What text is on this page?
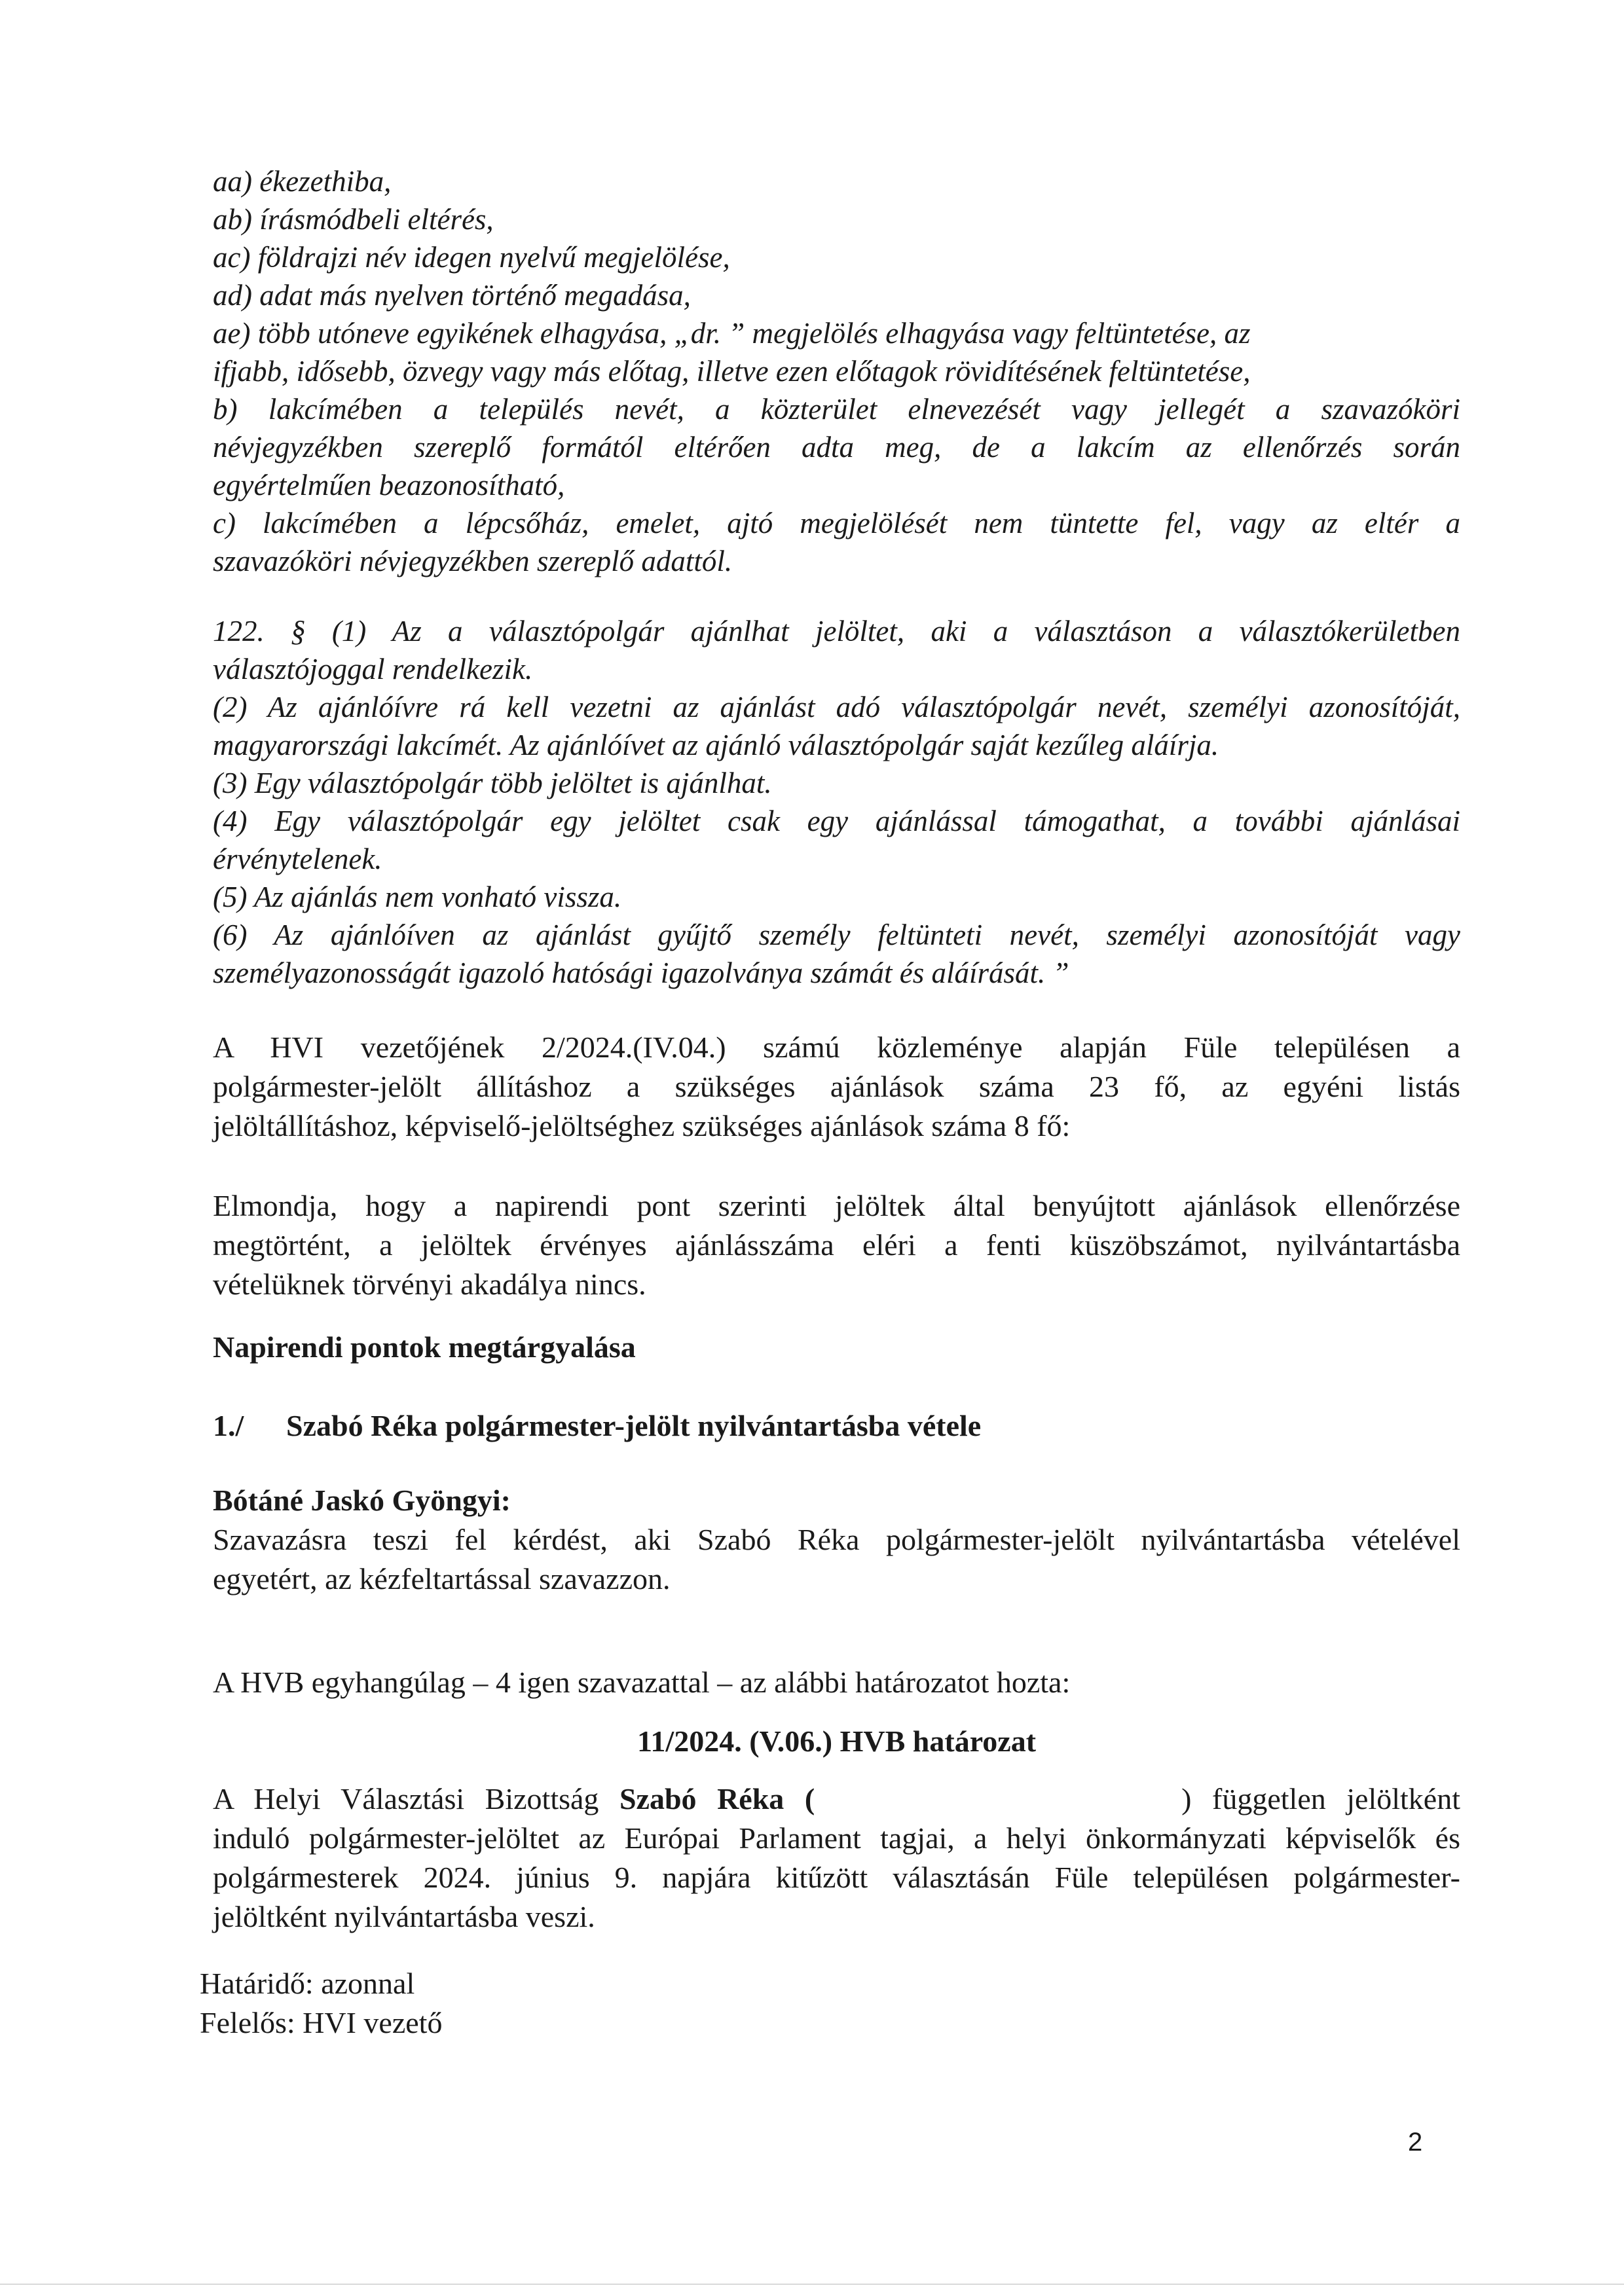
aa) ékezethiba,
ab) írásmódbeli eltérés,
ac) földrajzi név idegen nyelvű megjelölése,
ad) adat más nyelven történő megadása,
ae) több utóneve egyikének elhagyása, „dr. ” megjelölés elhagyása vagy feltüntetése, az
ifjabb, idősebb, özvegy vagy más előtag, illetve ezen előtagok rövidítésének feltüntetése,
b) lakcímében a település nevét, a közterület elnevezését vagy jellegét a szavazóköri
névjegyzékben szereplő formától eltérően adta meg, de a lakcím az ellenőrzés során
egyértelműen beazonosítható,
c) lakcímében a lépcsőház, emelet, ajtó megjelölését nem tüntette fel, vagy az eltér a
szavazóköri névjegyzékben szereplő adattól.
122. § (1) Az a választópolgár ajánlhat jelöltet, aki a választáson a választókerületben
választójoggal rendelkezik.
(2) Az ajánlóívre rá kell vezetni az ajánlást adó választópolgár nevét, személyi azonosítóját,
magyarországi lakcímét. Az ajánlóívet az ajánló választópolgár saját kezűleg aláírja.
(3) Egy választópolgár több jelöltet is ajánlhat.
(4) Egy választópolgár egy jelöltet csak egy ajánlással támogathat, a további ajánlásai
érvénytelenek.
(5) Az ajánlás nem vonható vissza.
(6) Az ajánlóíven az ajánlást gyűjtő személy feltünteti nevét, személyi azonosítóját vagy
személyazonosságát igazoló hatósági igazolványa számát és aláírását. ”
A HVI vezetőjének 2/2024.(IV.04.) számú közleménye alapján Füle településen a
polgármester-jelölt állításhoz a szükséges ajánlások száma 23 fő, az egyéni listás
jelöltállításhoz, képviselő-jelöltséghez szükséges ajánlások száma 8 fő:
Elmondja, hogy a napirendi pont szerinti jelöltek által benyújtott ajánlások ellenőrzése
megtörtént, a jelöltek érvényes ajánlásszáma eléri a fenti küszöbszámot, nyilvántartásba
vételüknek törvényi akadálya nincs.
Napirendi pontok megtárgyalása
1./ Szabó Réka polgármester-jelölt nyilvántartásba vétele
Bótáné Jaskó Gyöngyi:
Szavazásra teszi fel kérdést, aki Szabó Réka polgármester-jelölt nyilvántartásba vételével
egyetért, az kézfeltartással szavazzon.
A HVB egyhangúlag – 4 igen szavazattal – az alábbi határozatot hozta:
11/2024. (V.06.) HVB határozat
A Helyi Választási Bizottság Szabó Réka (	) független jelöltként
induló polgármester-jelöltet az Európai Parlament tagjai, a helyi önkormányzati képviselők és
polgármesterek 2024. június 9. napjára kitűzött választásán Füle településen polgármester-
jelöltként nyilvántartásba veszi.
Határidő: azonnal
Felelős: HVI vezető
2
